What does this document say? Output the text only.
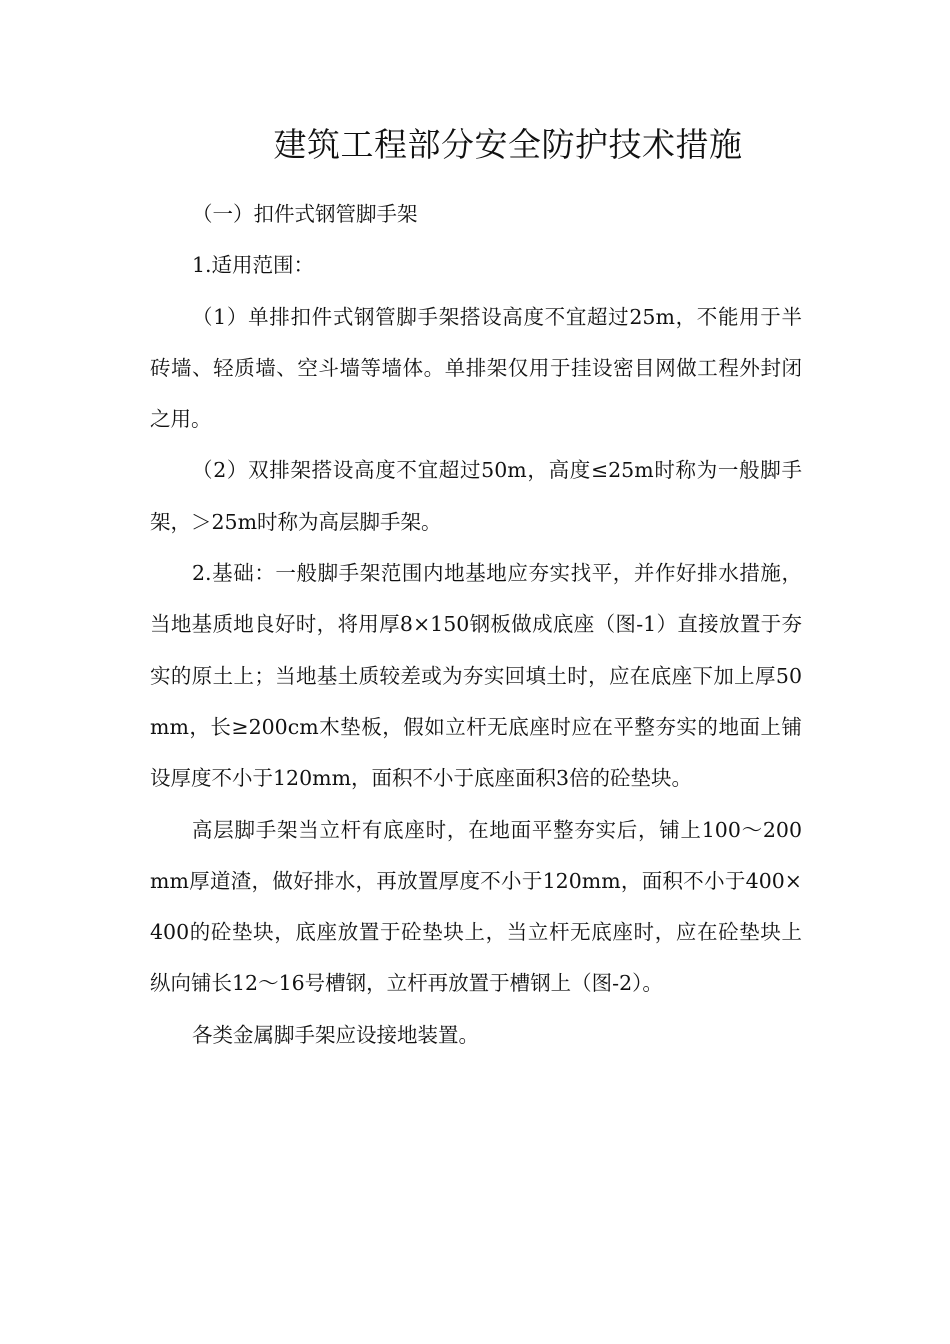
建筑工程部分安全防护技术措施

（一）扣件式钢管脚手架

1.适用范围：

（1）单排扣件式钢管脚手架搭设高度不宜超过25m，不能用于半砖墙、轻质墙、空斗墙等墙体。单排架仅用于挂设密目网做工程外封闭之用。

（2）双排架搭设高度不宜超过50m，高度≤25m时称为一般脚手架，＞25m时称为高层脚手架。

2.基础：一般脚手架范围内地基地应夯实找平，并作好排水措施，当地基质地良好时，将用厚8×150钢板做成底座（图-1）直接放置于夯实的原土上；当地基土质较差或为夯实回填土时，应在底座下加上厚50mm，长≥200cm木垫板，假如立杆无底座时应在平整夯实的地面上铺设厚度不小于120mm，面积不小于底座面积3倍的砼垫块。

高层脚手架当立杆有底座时，在地面平整夯实后，铺上100～200mm厚道渣，做好排水，再放置厚度不小于120mm，面积不小于400×400的砼垫块，底座放置于砼垫块上，当立杆无底座时，应在砼垫块上纵向铺长12～16号槽钢，立杆再放置于槽钢上（图-2）。

各类金属脚手架应设接地装置。
